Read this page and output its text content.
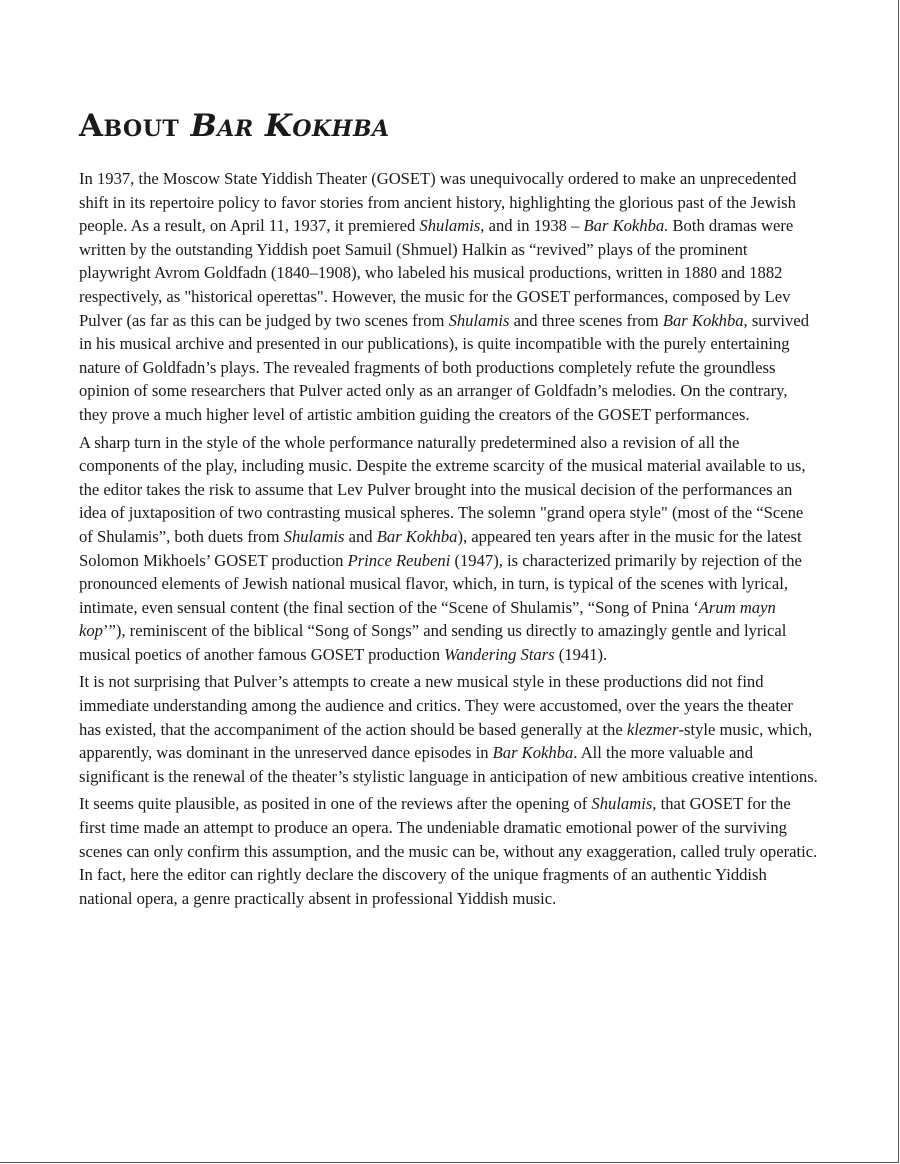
About Bar Kokhba

In 1937, the Moscow State Yiddish Theater (GOSET) was unequivocally ordered to make an unprecedented shift in its repertoire policy to favor stories from ancient history, highlighting the glorious past of the Jewish people. As a result, on April 11, 1937, it premiered Shulamis, and in 1938 – Bar Kokhba. Both dramas were written by the outstanding Yiddish poet Samuil (Shmuel) Halkin as “revived” plays of the prominent playwright Avrom Goldfadn (1840–1908), who labeled his musical productions, written in 1880 and 1882 respectively, as "historical operettas". However, the music for the GOSET performances, composed by Lev Pulver (as far as this can be judged by two scenes from Shulamis and three scenes from Bar Kokhba, survived in his musical archive and presented in our publications), is quite incompatible with the purely entertaining nature of Goldfadn’s plays. The revealed fragments of both productions completely refute the groundless opinion of some researchers that Pulver acted only as an arranger of Goldfadn’s melodies. On the contrary, they prove a much higher level of artistic ambition guiding the creators of the GOSET performances.

A sharp turn in the style of the whole performance naturally predetermined also a revision of all the components of the play, including music. Despite the extreme scarcity of the musical material available to us, the editor takes the risk to assume that Lev Pulver brought into the musical decision of the performances an idea of juxtaposition of two contrasting musical spheres. The solemn "grand opera style" (most of the “Scene of Shulamis”, both duets from Shulamis and Bar Kokhba), appeared ten years after in the music for the latest Solomon Mikhoels’ GOSET production Prince Reubeni (1947), is characterized primarily by rejection of the pronounced elements of Jewish national musical flavor, which, in turn, is typical of the scenes with lyrical, intimate, even sensual content (the final section of the “Scene of Shulamis”, “Song of Pnina ‘Arum mayn kop’”), reminiscent of the biblical “Song of Songs” and sending us directly to amazingly gentle and lyrical musical poetics of another famous GOSET production Wandering Stars (1941).

It is not surprising that Pulver’s attempts to create a new musical style in these productions did not find immediate understanding among the audience and critics. They were accustomed, over the years the theater has existed, that the accompaniment of the action should be based generally at the klezmer-style music, which, apparently, was dominant in the unreserved dance episodes in Bar Kokhba. All the more valuable and significant is the renewal of the theater’s stylistic language in anticipation of new ambitious creative intentions.

It seems quite plausible, as posited in one of the reviews after the opening of Shulamis, that GOSET for the first time made an attempt to produce an opera. The undeniable dramatic emotional power of the surviving scenes can only confirm this assumption, and the music can be, without any exaggeration, called truly operatic. In fact, here the editor can rightly declare the discovery of the unique fragments of an authentic Yiddish national opera, a genre practically absent in professional Yiddish music.
